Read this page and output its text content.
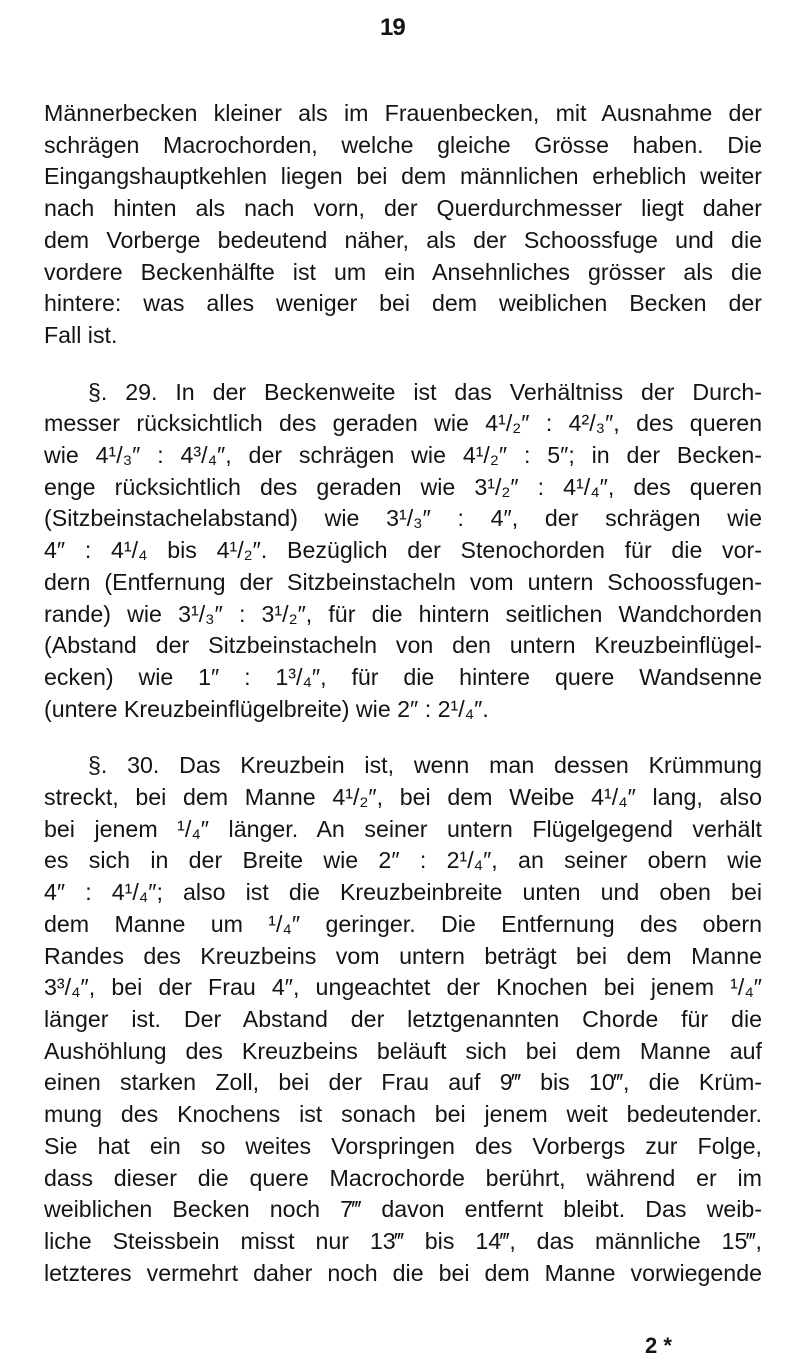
19

Männerbecken kleiner als im Frauenbecken, mit Ausnahme der

schrägen Macrochorden, welche gleiche Grösse haben. Die

Eingangshauptkehlen liegen bei dem männlichen erheblich weiter

nach hinten als nach vorn, der Querdurchmesser liegt daher

dem Vorberge bedeutend näher, als der Schoossfuge und die

vordere Beckenhälfte ist um ein Ansehnliches grösser als die

hintere: was alles weniger bei dem weiblichen Becken der

Fall ist.

§. 29. In der Beckenweite ist das Verhältniss der Durch-

messer rücksichtlich des geraden wie 4¹/₂″ : 4²/₃″, des queren

wie 4¹/₃″ : 4³/₄″, der schrägen wie 4¹/₂″ : 5″; in der Becken-

enge rücksichtlich des geraden wie 3¹/₂″ : 4¹/₄″, des queren

(Sitzbeinstachelabstand) wie 3¹/₃″ : 4″, der schrägen wie

4″ : 4¹/₄ bis 4¹/₂″. Bezüglich der Stenochorden für die vor-

dern (Entfernung der Sitzbeinstacheln vom untern Schoossfugen-

rande) wie 3¹/₃″ : 3¹/₂″, für die hintern seitlichen Wandchorden

(Abstand der Sitzbeinstacheln von den untern Kreuzbeinflügel-

ecken) wie 1″ : 1³/₄″, für die hintere quere Wandsenne

(untere Kreuzbeinflügelbreite) wie 2″ : 2¹/₄″.

§. 30. Das Kreuzbein ist, wenn man dessen Krümmung

streckt, bei dem Manne 4¹/₂″, bei dem Weibe 4¹/₄″ lang, also

bei jenem ¹/₄″ länger. An seiner untern Flügelgegend verhält

es sich in der Breite wie 2″ : 2¹/₄″, an seiner obern wie

4″ : 4¹/₄″; also ist die Kreuzbeinbreite unten und oben bei

dem Manne um ¹/₄″ geringer. Die Entfernung des obern

Randes des Kreuzbeins vom untern beträgt bei dem Manne

3³/₄″, bei der Frau 4″, ungeachtet der Knochen bei jenem ¹/₄″

länger ist. Der Abstand der letztgenannten Chorde für die

Aushöhlung des Kreuzbeins beläuft sich bei dem Manne auf

einen starken Zoll, bei der Frau auf 9‴ bis 10‴, die Krüm-

mung des Knochens ist sonach bei jenem weit bedeutender.

Sie hat ein so weites Vorspringen des Vorbergs zur Folge,

dass dieser die quere Macrochorde berührt, während er im

weiblichen Becken noch 7‴ davon entfernt bleibt. Das weib-

liche Steissbein misst nur 13‴ bis 14‴, das männliche 15‴,

letzteres vermehrt daher noch die bei dem Manne vorwiegende

2 *
